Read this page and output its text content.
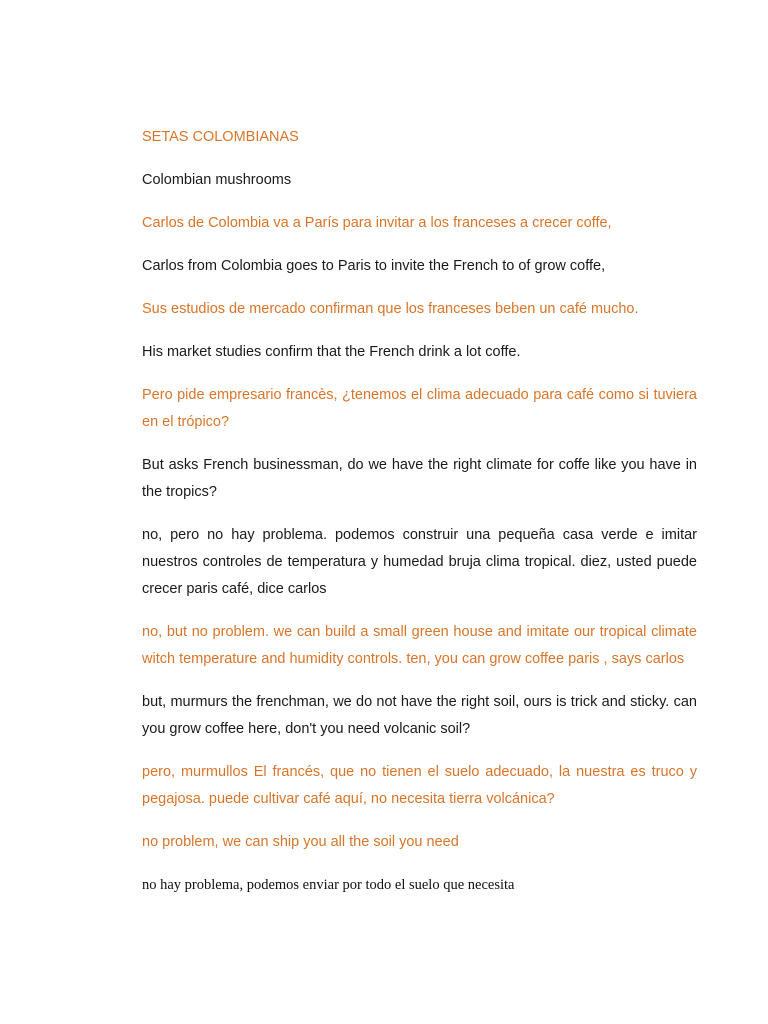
SETAS COLOMBIANAS

Colombian mushrooms

Carlos de Colombia va a París para invitar a los franceses a crecer coffe,

Carlos from Colombia goes to Paris to invite the French to of grow coffe,

Sus estudios de mercado confirman que los franceses beben un café mucho.

His market studies confirm that the French drink a lot coffe.

Pero pide empresario francès, ¿tenemos el clima adecuado para café como si tuviera en el trópico?

But asks French businessman, do we have the right climate for coffe like you have in the tropics?

no, pero no hay problema. podemos construir una pequeña casa verde e imitar nuestros controles de temperatura y humedad bruja clima tropical. diez, usted puede crecer paris café, dice carlos

no, but no problem. we can build a small green house and imitate our tropical climate witch temperature and humidity controls. ten, you can grow coffee paris , says carlos

but, murmurs the frenchman, we do not have the right soil, ours is trick and sticky. can you grow coffee here, don't you need volcanic soil?

pero, murmullos El francés, que no tienen el suelo adecuado, la nuestra es truco y pegajosa. puede cultivar café aquí, no necesita tierra volcánica?

no problem, we can ship you all the soil you need

no hay problema, podemos enviar por todo el suelo que necesita
